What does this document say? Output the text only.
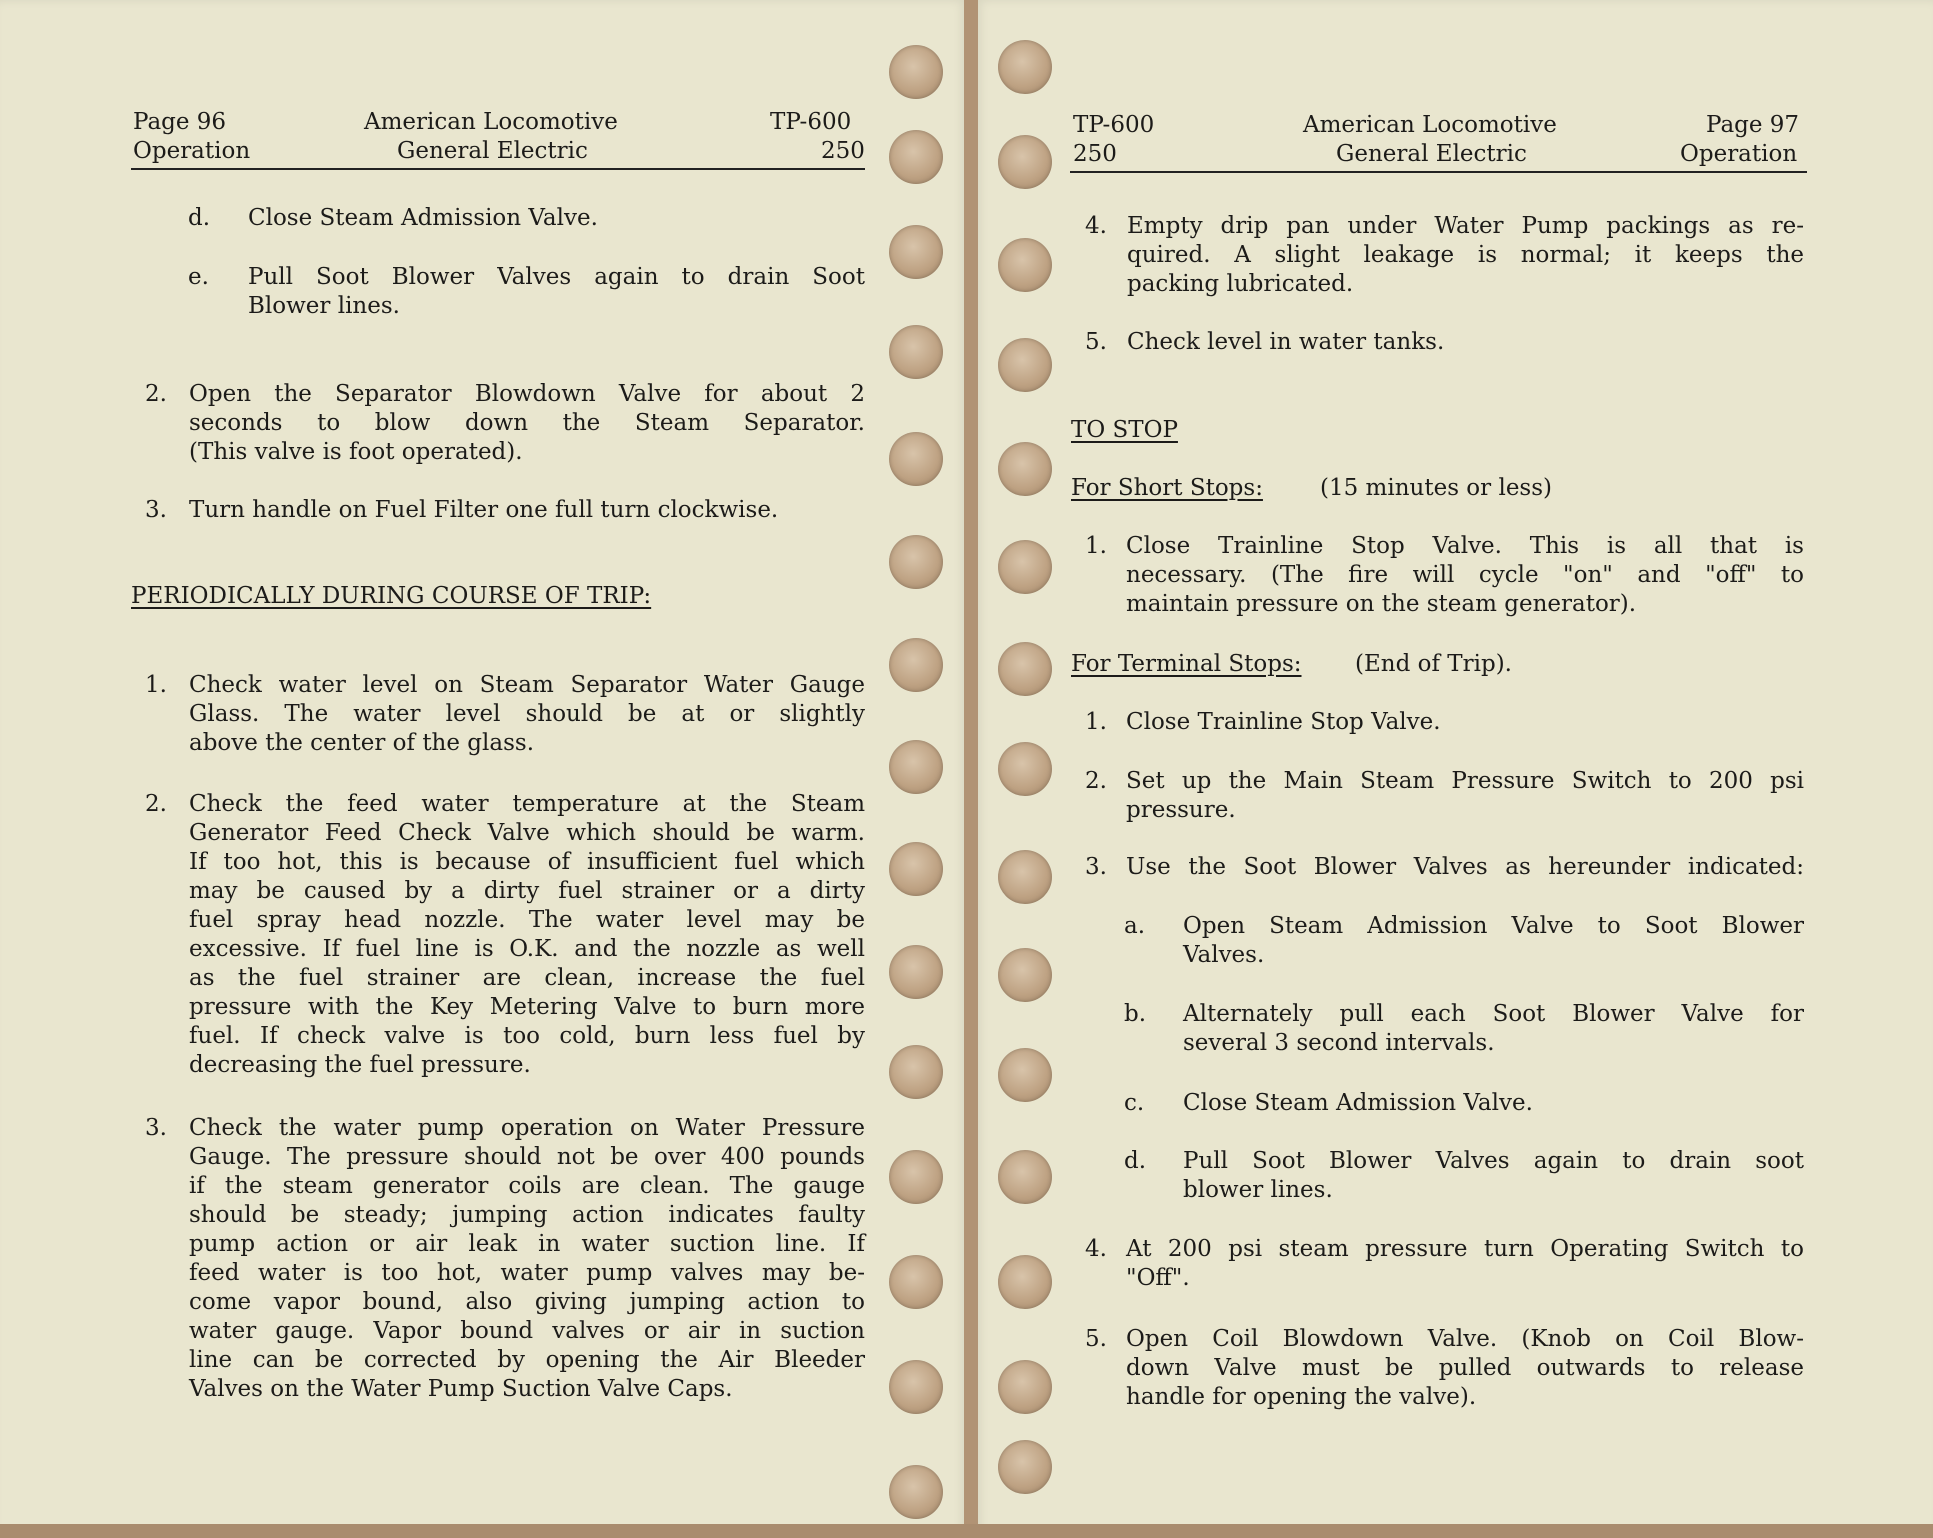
Page 96
Operation
American Locomotive
General Electric
TP-600
250
d. Close Steam Admission Valve.
e. Pull Soot Blower Valves again to drain Soot
Blower lines.
2. Open the Separator Blowdown Valve for about 2
seconds to blow down the Steam Separator.
(This valve is foot operated).
3. Turn handle on Fuel Filter one full turn clockwise.
PERIODICALLY DURING COURSE OF TRIP:
1. Check water level on Steam Separator Water Gauge
Glass. The water level should be at or slightly
above the center of the glass.
2. Check the feed water temperature at the Steam
Generator Feed Check Valve which should be warm.
If too hot, this is because of insufficient fuel which
may be caused by a dirty fuel strainer or a dirty
fuel spray head nozzle. The water level may be
excessive. If fuel line is O.K. and the nozzle as well
as the fuel strainer are clean, increase the fuel
pressure with the Key Metering Valve to burn more
fuel. If check valve is too cold, burn less fuel by
decreasing the fuel pressure.
3. Check the water pump operation on Water Pressure
Gauge. The pressure should not be over 400 pounds
if the steam generator coils are clean. The gauge
should be steady; jumping action indicates faulty
pump action or air leak in water suction line. If
feed water is too hot, water pump valves may be-
come vapor bound, also giving jumping action to
water gauge. Vapor bound valves or air in suction
line can be corrected by opening the Air Bleeder
Valves on the Water Pump Suction Valve Caps.
TP-600
250
American Locomotive
General Electric
Page 97
Operation
4. Empty drip pan under Water Pump packings as re-
quired. A slight leakage is normal; it keeps the
packing lubricated.
5. Check level in water tanks.
TO STOP
For Short Stops: (15 minutes or less)
1. Close Trainline Stop Valve. This is all that is
necessary. (The fire will cycle "on" and "off" to
maintain pressure on the steam generator).
For Terminal Stops: (End of Trip).
1. Close Trainline Stop Valve.
2. Set up the Main Steam Pressure Switch to 200 psi
pressure.
3. Use the Soot Blower Valves as hereunder indicated:
a. Open Steam Admission Valve to Soot Blower
Valves.
b. Alternately pull each Soot Blower Valve for
several 3 second intervals.
c. Close Steam Admission Valve.
d. Pull Soot Blower Valves again to drain soot
blower lines.
4. At 200 psi steam pressure turn Operating Switch to
"Off".
5. Open Coil Blowdown Valve. (Knob on Coil Blow-
down Valve must be pulled outwards to release
handle for opening the valve).
